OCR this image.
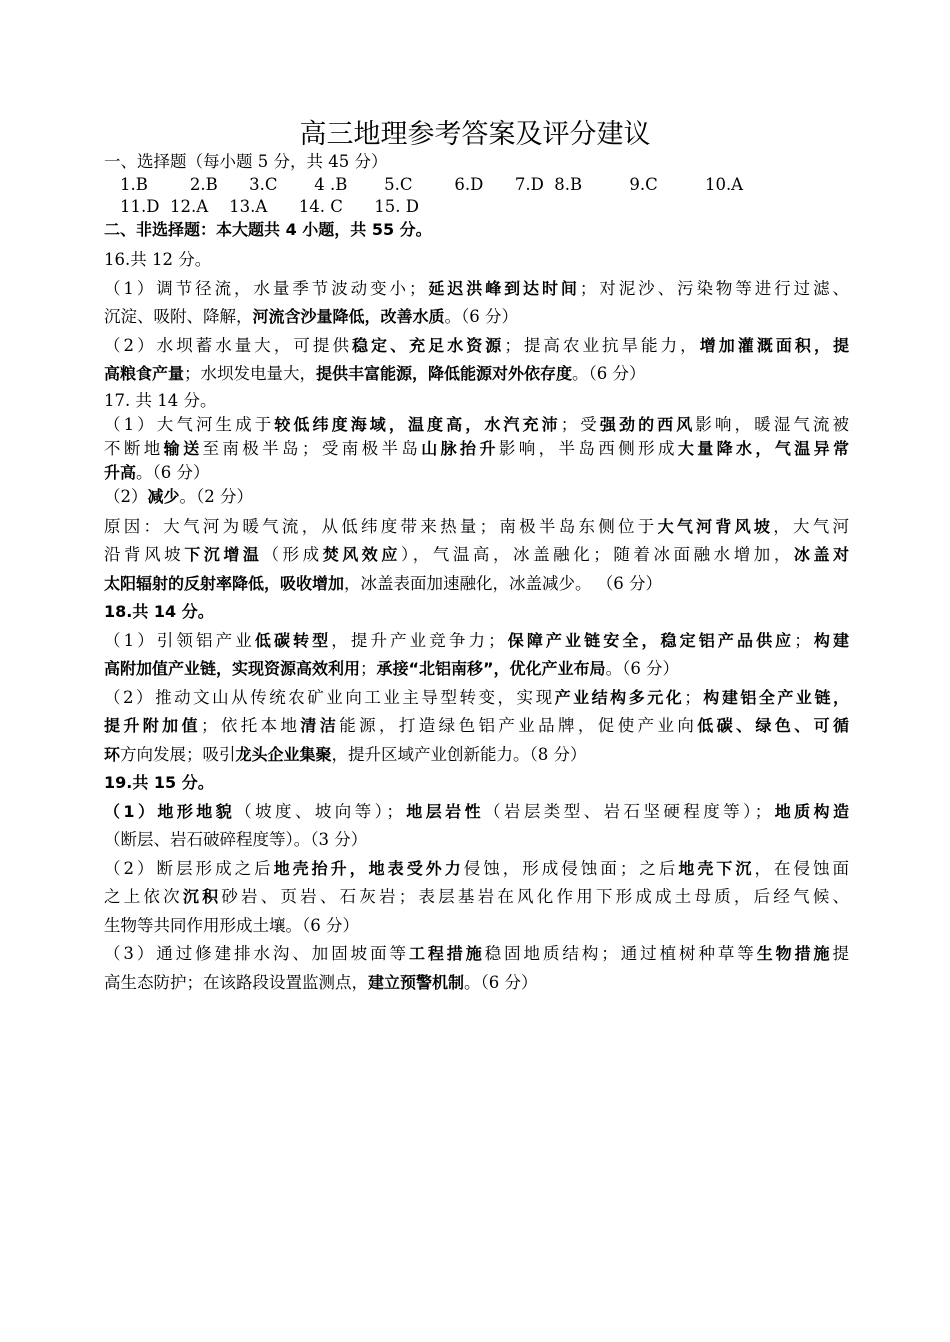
高三地理参考答案及评分建议
一、选择题（每小题 5 分，共 45 分）
1.B        2.B      3.C       4 .B       5.C        6.D      7.D  8.B         9.C         10.A
11.D  12.A    13.A      14. C      15. D
二、非选择题：本大题共 4 小题，共 55 分。
16.共 12 分。
（1）调节径流，水量季节波动变小；延迟洪峰到达时间；对泥沙、污染物等进行过滤、
沉淀、吸附、降解，河流含沙量降低，改善水质。（6 分）
（2）水坝蓄水量大，可提供稳定、充足水资源；提高农业抗旱能力，增加灌溉面积，提
高粮食产量；水坝发电量大，提供丰富能源，降低能源对外依存度。（6 分）
17. 共 14 分。
（1）大气河生成于较低纬度海域，温度高，水汽充沛；受强劲的西风影响，暖湿气流被
不断地输送至南极半岛；受南极半岛山脉抬升影响，半岛西侧形成大量降水，气温异常
升高。（6 分）
（2）减少。（2 分）
原因：大气河为暖气流，从低纬度带来热量；南极半岛东侧位于大气河背风坡，大气河
沿背风坡下沉增温（形成焚风效应），气温高，冰盖融化；随着冰面融水增加，冰盖对
太阳辐射的反射率降低，吸收增加，冰盖表面加速融化，冰盖减少。 （6 分）
18.共 14 分。
（1）引领铝产业低碳转型，提升产业竞争力；保障产业链安全，稳定铝产品供应；构建
高附加值产业链，实现资源高效利用；承接“北铝南移”，优化产业布局。（6 分）
（2）推动文山从传统农矿业向工业主导型转变，实现产业结构多元化；构建铝全产业链，
提升附加值；依托本地清洁能源，打造绿色铝产业品牌，促使产业向低碳、绿色、可循
环方向发展；吸引龙头企业集聚，提升区域产业创新能力。（8 分）
19.共 15 分。
（1）地形地貌（坡度、坡向等）；地层岩性（岩层类型、岩石坚硬程度等）；地质构造
（断层、岩石破碎程度等）。（3 分）
（2）断层形成之后地壳抬升，地表受外力侵蚀，形成侵蚀面；之后地壳下沉，在侵蚀面
之上依次沉积砂岩、页岩、石灰岩；表层基岩在风化作用下形成成土母质，后经气候、
生物等共同作用形成土壤。（6 分）
（3）通过修建排水沟、加固坡面等工程措施稳固地质结构；通过植树种草等生物措施提
高生态防护；在该路段设置监测点，建立预警机制。（6 分）
